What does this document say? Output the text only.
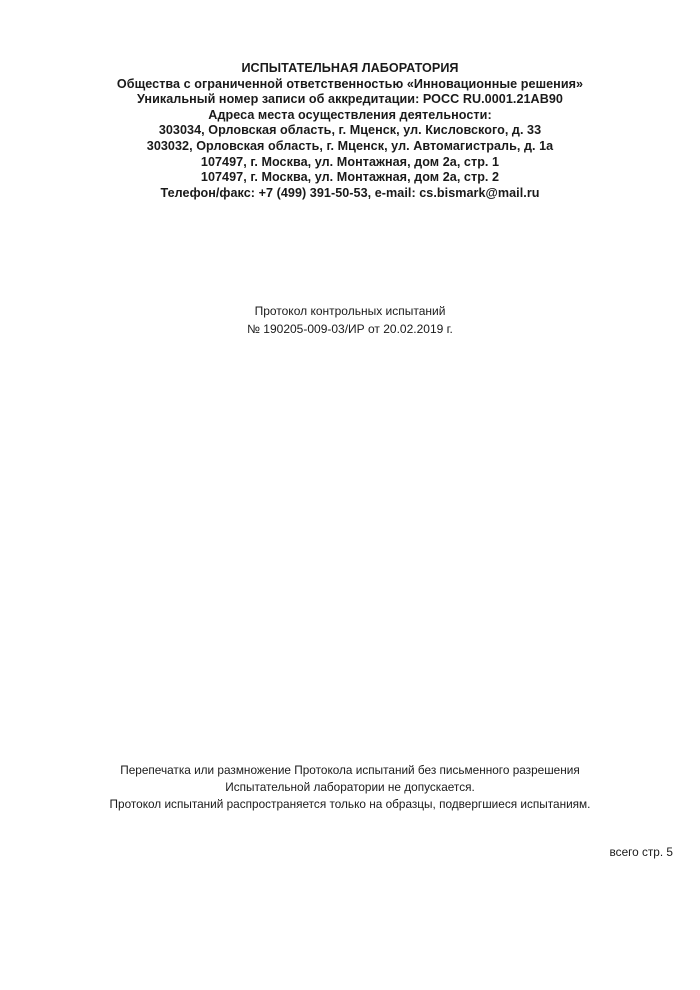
ИСПЫТАТЕЛЬНАЯ ЛАБОРАТОРИЯ
Общества с ограниченной ответственностью «Инновационные решения»
Уникальный номер записи об аккредитации: РОСС RU.0001.21АВ90
Адреса места осуществления деятельности:
303034, Орловская область, г. Мценск, ул. Кисловского, д. 33
303032, Орловская область, г. Мценск, ул. Автомагистраль, д. 1а
107497, г. Москва, ул. Монтажная, дом 2а, стр. 1
107497, г. Москва, ул. Монтажная, дом 2а, стр. 2
Телефон/факс: +7 (499) 391-50-53, e-mail: cs.bismark@mail.ru
Протокол контрольных испытаний
№ 190205-009-03/ИР от 20.02.2019 г.
Перепечатка или размножение Протокола испытаний без письменного разрешения
Испытательной лаборатории не допускается.
Протокол испытаний распространяется только на образцы, подвергшиеся испытаниям.
всего стр. 5
